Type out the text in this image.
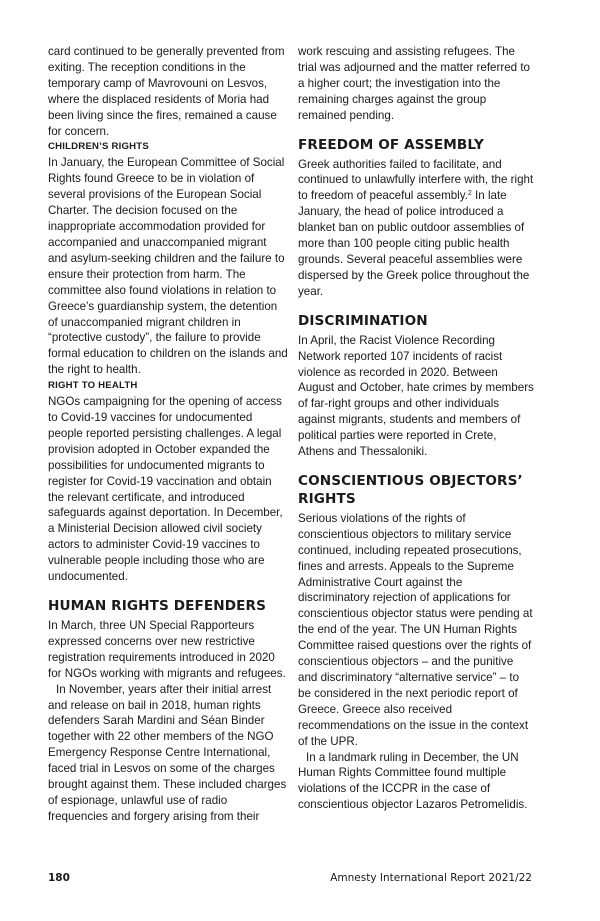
card continued to be generally prevented from exiting. The reception conditions in the temporary camp of Mavrovouni on Lesvos, where the displaced residents of Moria had been living since the fires, remained a cause for concern.

CHILDREN’S RIGHTS

In January, the European Committee of Social Rights found Greece to be in violation of several provisions of the European Social Charter. The decision focused on the inappropriate accommodation provided for accompanied and unaccompanied migrant and asylum-seeking children and the failure to ensure their protection from harm. The committee also found violations in relation to Greece’s guardianship system, the detention of unaccompanied migrant children in “protective custody”, the failure to provide formal education to children on the islands and the right to health.

RIGHT TO HEALTH

NGOs campaigning for the opening of access to Covid-19 vaccines for undocumented people reported persisting challenges. A legal provision adopted in October expanded the possibilities for undocumented migrants to register for Covid-19 vaccination and obtain the relevant certificate, and introduced safeguards against deportation. In December, a Ministerial Decision allowed civil society actors to administer Covid-19 vaccines to vulnerable people including those who are undocumented.

HUMAN RIGHTS DEFENDERS

In March, three UN Special Rapporteurs expressed concerns over new restrictive registration requirements introduced in 2020 for NGOs working with migrants and refugees.

In November, years after their initial arrest and release on bail in 2018, human rights defenders Sarah Mardini and Séan Binder together with 22 other members of the NGO Emergency Response Centre International, faced trial in Lesvos on some of the charges brought against them. These included charges of espionage, unlawful use of radio frequencies and forgery arising from their

work rescuing and assisting refugees. The trial was adjourned and the matter referred to a higher court; the investigation into the remaining charges against the group remained pending.

FREEDOM OF ASSEMBLY

Greek authorities failed to facilitate, and continued to unlawfully interfere with, the right to freedom of peaceful assembly.$^2$ In late January, the head of police introduced a blanket ban on public outdoor assemblies of more than 100 people citing public health grounds. Several peaceful assemblies were dispersed by the Greek police throughout the year.

DISCRIMINATION

In April, the Racist Violence Recording Network reported 107 incidents of racist violence as recorded in 2020. Between August and October, hate crimes by members of far-right groups and other individuals against migrants, students and members of political parties were reported in Crete, Athens and Thessaloniki.

CONSCIENTIOUS OBJECTORS’ RIGHTS

Serious violations of the rights of conscientious objectors to military service continued, including repeated prosecutions, fines and arrests. Appeals to the Supreme Administrative Court against the discriminatory rejection of applications for conscientious objector status were pending at the end of the year. The UN Human Rights Committee raised questions over the rights of conscientious objectors – and the punitive and discriminatory “alternative service” – to be considered in the next periodic report of Greece. Greece also received recommendations on the issue in the context of the UPR.

In a landmark ruling in December, the UN Human Rights Committee found multiple violations of the ICCPR in the case of conscientious objector Lazaros Petromelidis.

180	Amnesty International Report 2021/22
